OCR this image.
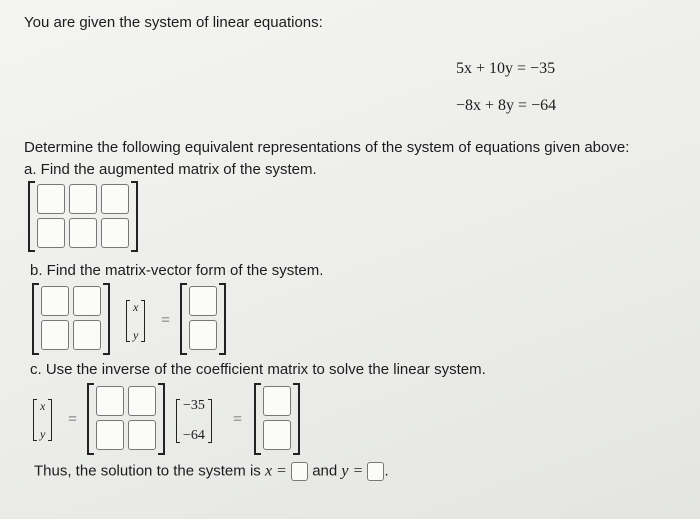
You are given the system of linear equations:
5x + 10y = −35
−8x + 8y = −64
Determine the following equivalent representations of the system of equations given above:
a. Find the augmented matrix of the system.
b. Find the matrix-vector form of the system.
x
y
=
c. Use the inverse of the coefficient matrix to solve the linear system.
x
y
=
−35
−64
=
Thus, the solution to the system is x = and y = .
